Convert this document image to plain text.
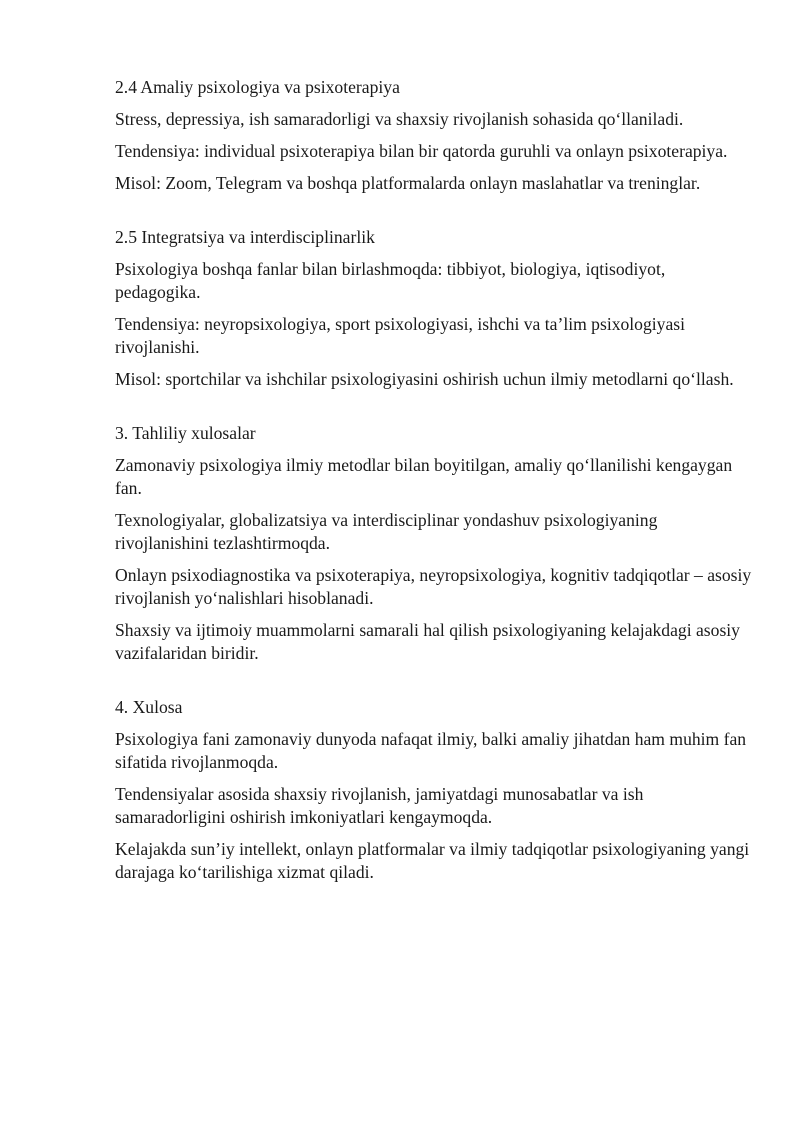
2.4 Amaliy psixologiya va psixoterapiya

Stress, depressiya, ish samaradorligi va shaxsiy rivojlanish sohasida qo‘llaniladi.

Tendensiya: individual psixoterapiya bilan bir qatorda guruhli va onlayn psixoterapiya.

Misol: Zoom, Telegram va boshqa platformalarda onlayn maslahatlar va treninglar.

2.5 Integratsiya va interdisciplinarlik

Psixologiya boshqa fanlar bilan birlashmoqda: tibbiyot, biologiya, iqtisodiyot, pedagogika.

Tendensiya: neyropsixologiya, sport psixologiyasi, ishchi va ta’lim psixologiyasi rivojlanishi.

Misol: sportchilar va ishchilar psixologiyasini oshirish uchun ilmiy metodlarni qo‘llash.

3. Tahliliy xulosalar

Zamonaviy psixologiya ilmiy metodlar bilan boyitilgan, amaliy qo‘llanilishi kengaygan fan.

Texnologiyalar, globalizatsiya va interdisciplinar yondashuv psixologiyaning rivojlanishini tezlashtirmoqda.

Onlayn psixodiagnostika va psixoterapiya, neyropsixologiya, kognitiv tadqiqotlar – asosiy rivojlanish yo‘nalishlari hisoblanadi.

Shaxsiy va ijtimoiy muammolarni samarali hal qilish psixologiyaning kelajakdagi asosiy vazifalaridan biridir.

4. Xulosa

Psixologiya fani zamonaviy dunyoda nafaqat ilmiy, balki amaliy jihatdan ham muhim fan sifatida rivojlanmoqda.

Tendensiyalar asosida shaxsiy rivojlanish, jamiyatdagi munosabatlar va ish samaradorligini oshirish imkoniyatlari kengaymoqda.

Kelajakda sun’iy intellekt, onlayn platformalar va ilmiy tadqiqotlar psixologiyaning yangi darajaga ko‘tarilishiga xizmat qiladi.
